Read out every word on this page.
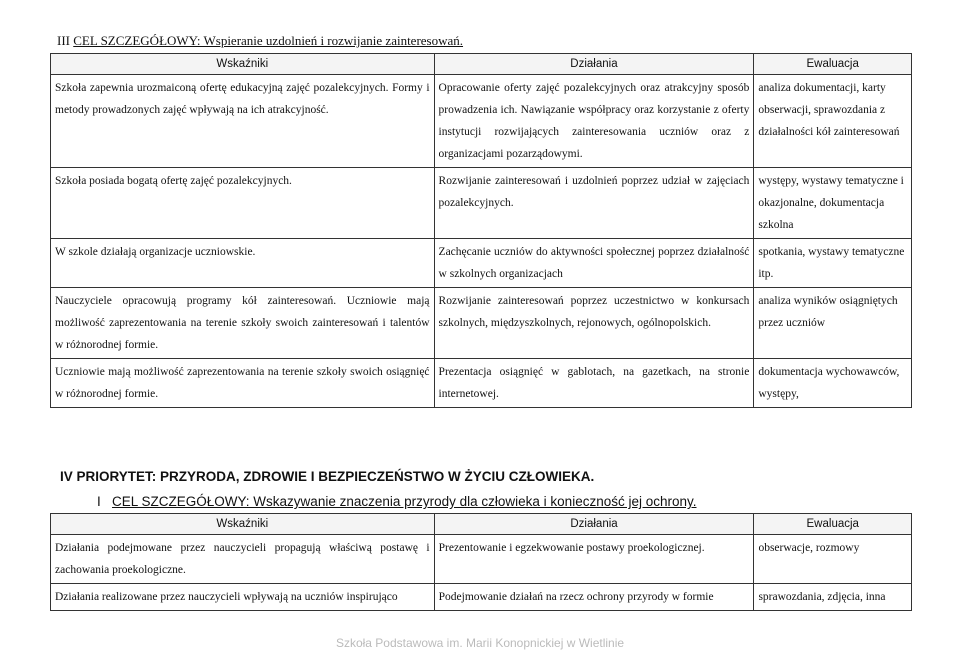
III CEL SZCZEGÓŁOWY: Wspieranie uzdolnień i rozwijanie zainteresowań.
Wskaźniki	Działania	Ewaluacja
Szkoła zapewnia urozmaiconą ofertę edukacyjną zajęć pozalekcyjnych. Formy i metody prowadzonych zajęć wpływają na ich atrakcyjność.	Opracowanie oferty zajęć pozalekcyjnych oraz atrakcyjny sposób prowadzenia ich. Nawiązanie współpracy oraz korzystanie z oferty instytucji rozwijających zainteresowania uczniów oraz z organizacjami pozarządowymi.	analiza dokumentacji, karty obserwacji, sprawozdania z działalności kół zainteresowań
Szkoła posiada bogatą ofertę zajęć pozalekcyjnych.	Rozwijanie zainteresowań i uzdolnień poprzez udział w zajęciach pozalekcyjnych.	występy, wystawy tematyczne i okazjonalne, dokumentacja szkolna
W szkole działają organizacje uczniowskie.	Zachęcanie uczniów do aktywności społecznej poprzez działalność w szkolnych organizacjach	spotkania, wystawy tematyczne itp.
Nauczyciele opracowują programy kół zainteresowań. Uczniowie mają możliwość zaprezentowania na terenie szkoły swoich zainteresowań i talentów w różnorodnej formie.	Rozwijanie zainteresowań poprzez uczestnictwo w konkursach szkolnych, międzyszkolnych, rejonowych, ogólnopolskich.	analiza wyników osiągniętych przez uczniów
Uczniowie mają możliwość zaprezentowania na terenie szkoły swoich osiągnięć w różnorodnej formie.	Prezentacja osiągnięć w gablotach, na gazetkach, na stronie internetowej.	dokumentacja wychowawców, występy,
IV PRIORYTET: PRZYRODA, ZDROWIE I BEZPIECZEŃSTWO W ŻYCIU CZŁOWIEKA.
I CEL SZCZEGÓŁOWY: Wskazywanie znaczenia przyrody dla człowieka i konieczność jej ochrony.
Wskaźniki	Działania	Ewaluacja
Działania podejmowane przez nauczycieli propagują właściwą postawę i zachowania proekologiczne.	Prezentowanie i egzekwowanie postawy proekologicznej.	obserwacje, rozmowy
Działania realizowane przez nauczycieli wpływają na uczniów inspirująco	Podejmowanie działań na rzecz ochrony przyrody w formie	sprawozdania, zdjęcia, inna
Szkoła Podstawowa im. Marii Konopnickiej w Wietlinie
